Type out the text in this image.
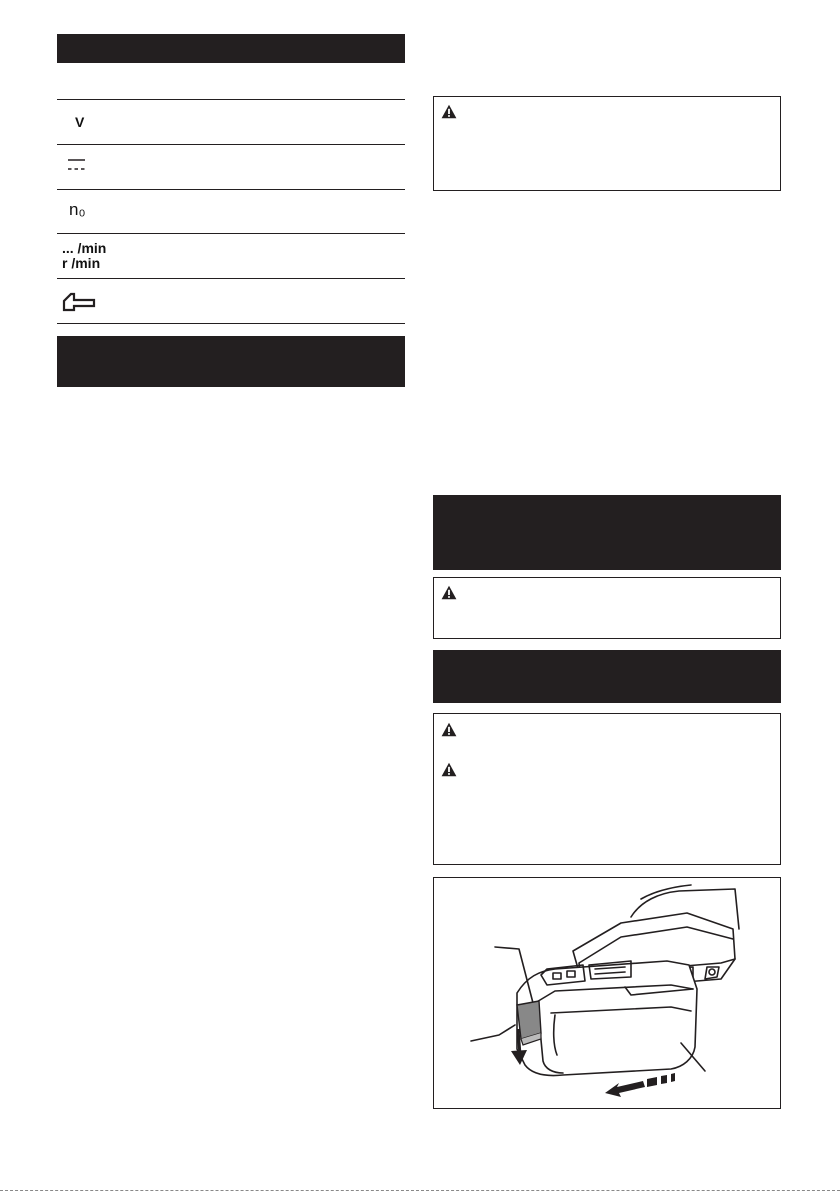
V
n₀
... /min
r /min
